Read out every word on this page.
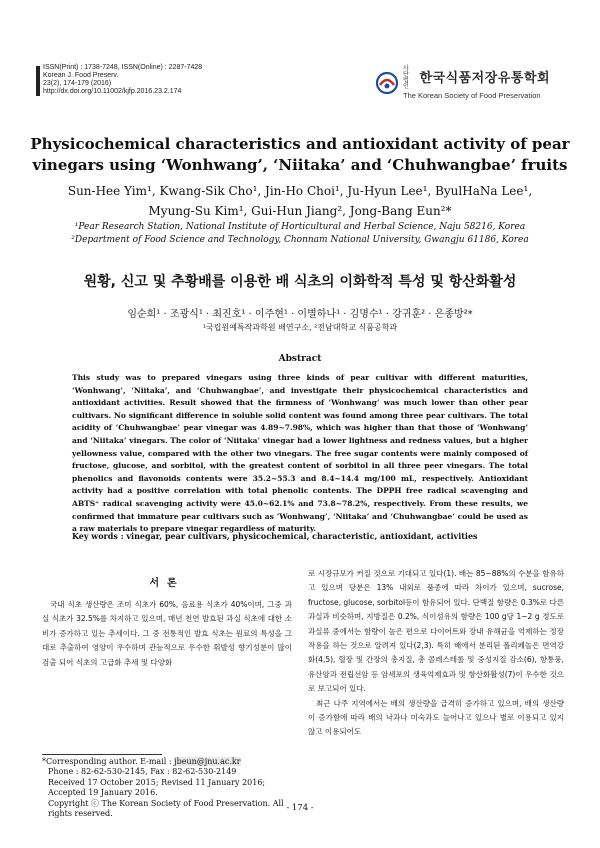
ISSN(Print) : 1738-7248, ISSN(Online) : 2287-7428
Korean J. Food Preserv.
23(2), 174-179 (2016)
http://dx.doi.org/10.11002/kjfp.2016.23.2.174
사단법인 한국식품저장유통학회
The Korean Society of Food Preservation
Physicochemical characteristics and antioxidant activity of pear
vinegars using ‘Wonhwang’, ‘Niitaka’ and ‘Chuhwangbae’ fruits
Sun-Hee Yim¹, Kwang-Sik Cho¹, Jin-Ho Choi¹, Ju-Hyun Lee¹, ByulHaNa Lee¹,
Myung-Su Kim¹, Gui-Hun Jiang², Jong-Bang Eun²*
¹Pear Research Station, National Institute of Horticultural and Herbal Science, Naju 58216, Korea
²Department of Food Science and Technology, Chonnam National University, Gwangju 61186, Korea
원황, 신고 및 추황배를 이용한 배 식초의 이화학적 특성 및 항산화활성
임순희¹ · 조광식¹ · 최진호¹ · 이주현¹ · 이별하나¹ · 김명수¹ · 강귀훈² · 은종방²*
¹국립원예특작과학원 배연구소, ²전남대학교 식품공학과
Abstract
This study was to prepared vinegars using three kinds of pear cultivar with different maturities, ‘Wonhwang’, ‘Niitaka’, and ‘Chuhwangbae’, and investigate their physicochemical characteristics and antioxidant activities. Result showed that the firmness of ’Wonhwang’ was much lower than other pear cultivars. No significant difference in soluble solid content was found among three pear cultivars. The total acidity of ‘Chuhwangbae’ pear vinegar was 4.89~7.98%, which was higher than that those of ‘Wonhwang’ and ‘Niitaka’ vinegars. The color of ‘Niitaka’ vinegar had a lower lightness and redness values, but a higher yellowness value, compared with the other two vinegars. The free sugar contents were mainly composed of fructose, glucose, and sorbitol, with the greatest content of sorbitol in all three peer vinegars. The total phenolics and flavonoids contents were 35.2~55.3 and 8.4~14.4 mg/100 mL, respectively. Antioxidant activity had a positive correlation with total phenolic contents. The DPPH free radical scavenging and ABTS⁺ radical scavenging activity were 45.0~62.1% and 73.8~78.2%, respectively. From these results, we confirmed that immature pear cultivars such as ’Wonhwang’, ‘Niitaka’ and ‘Chuhwangbae’ could be used as a raw materials to prepare vinegar regardless of maturity.
Key words : vinegar, pear cultivars, physicochemical, characteristic, antioxidant, activities
서론

국내 식초 생산량은 조미 식초가 60%, 음료용 식초가 40%이며, 그중 과실 식초가 32.5%를 차지하고 있으며, 매년 천연 발효된 과실 식초에 대한 소비가 증가하고 있는 추세이다. 그 중 전통적인 발효 식초는 원료의 특성을 그대로 추출하여 영양이 우수하며 관능적으로 우수한 휘발성 향기성분이 많이 검출 되어 식초의 고급화 추세 및 다양화

로 시장규모가 커질 것으로 기대되고 있다(1). 배는 85~88%의 수분을 함유하고 있으며 당분은 13% 내외로 품종에 따라 차이가 있으며, sucrose, fructose, glucose, sorbitol등이 함유되어 있다. 단백질 함량은 0.3%로 다른 과실과 비슷하며, 지방질은 0.2%, 식이섬유의 함량은 100 g당 1~2 g 정도로 과실류 중에서는 함량이 높은 편으로 다이어트와 장내 유해균을 억제하는 정장작용을 하는 것으로 알려져 있다(2,3). 특히 배에서 분리된 폴리페놀은 면역강화(4,5), 혈장 및 간장의 총지질, 총 콜레스테롤 및 중성지질 감소(6), 항통풍, 유산암과 전립선암 등 암세포의 생육억제효과 및 항산화활성(7)이 우수한 것으로 보고되어 있다.

최근 나주 지역에서는 배의 생산량을 급격히 증가하고 있으며, 배의 생산량이 증가함에 따라 배의 낙과나 미숙과도 늘어나고 있으나 별로 이용되고 있지 않고 이용되어도

*Corresponding author. E-mail : jbeun@jnu.ac.kr
Phone : 82-62-530-2145, Fax : 82-62-530-2149
Received 17 October 2015; Revised 11 January 2016; Accepted 19 January 2016.
Copyright ⓒ The Korean Society of Food Preservation. All rights reserved.
- 174 -
